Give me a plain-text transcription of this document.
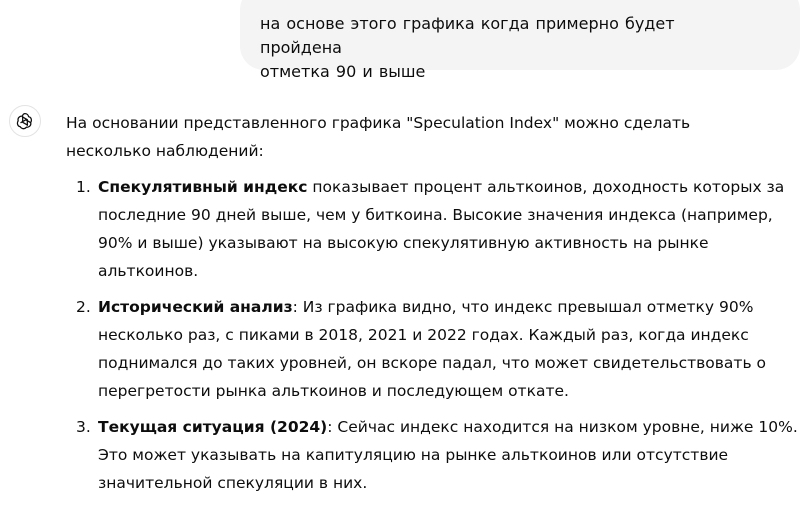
на основе этого графика когда примерно будет пройдена
отметка 90 и выше
На основании представленного графика "Speculation Index" можно сделать несколько наблюдений:
1. Спекулятивный индекс показывает процент альткоинов, доходность которых за последние 90 дней выше, чем у биткоина. Высокие значения индекса (например, 90% и выше) указывают на высокую спекулятивную активность на рынке альткоинов.
2. Исторический анализ: Из графика видно, что индекс превышал отметку 90% несколько раз, с пиками в 2018, 2021 и 2022 годах. Каждый раз, когда индекс поднимался до таких уровней, он вскоре падал, что может свидетельствовать о перегретости рынка альткоинов и последующем откате.
3. Текущая ситуация (2024): Сейчас индекс находится на низком уровне, ниже 10%. Это может указывать на капитуляцию на рынке альткоинов или отсутствие значительной спекуляции в них.
